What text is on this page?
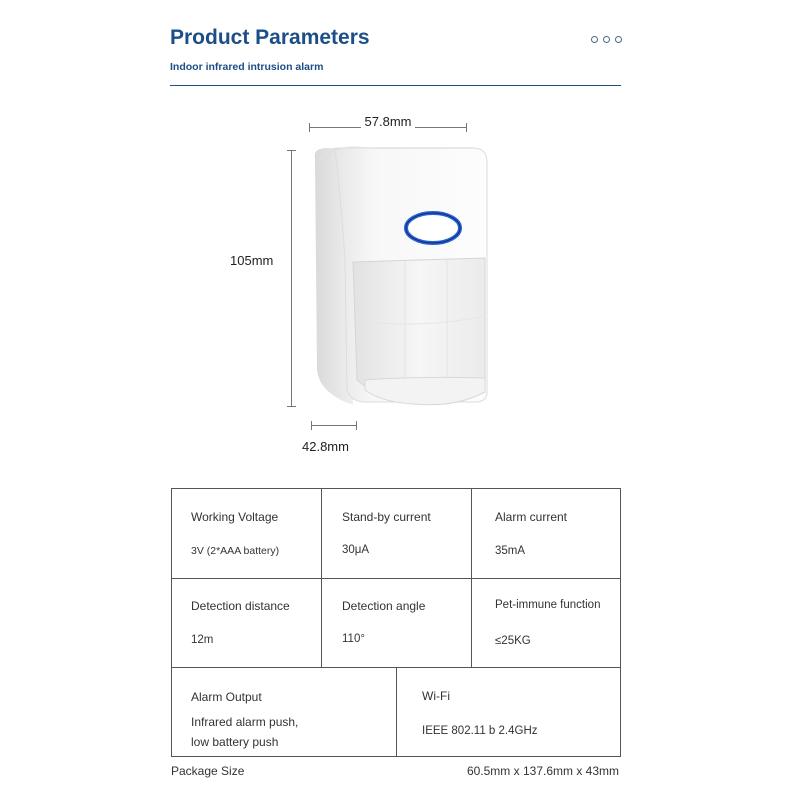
Product Parameters
Indoor infrared intrusion alarm
57.8mm
105mm
42.8mm
Working Voltage
3V (2*AAA battery)
Stand-by current
30μA
Alarm current
35mA
Detection distance
12m
Detection angle
110°
Pet-immune function
≤25KG
Alarm Output
Infrared alarm push,
low battery push
Wi-Fi
IEEE 802.11 b 2.4GHz
Package Size	60.5mm x 137.6mm x 43mm
